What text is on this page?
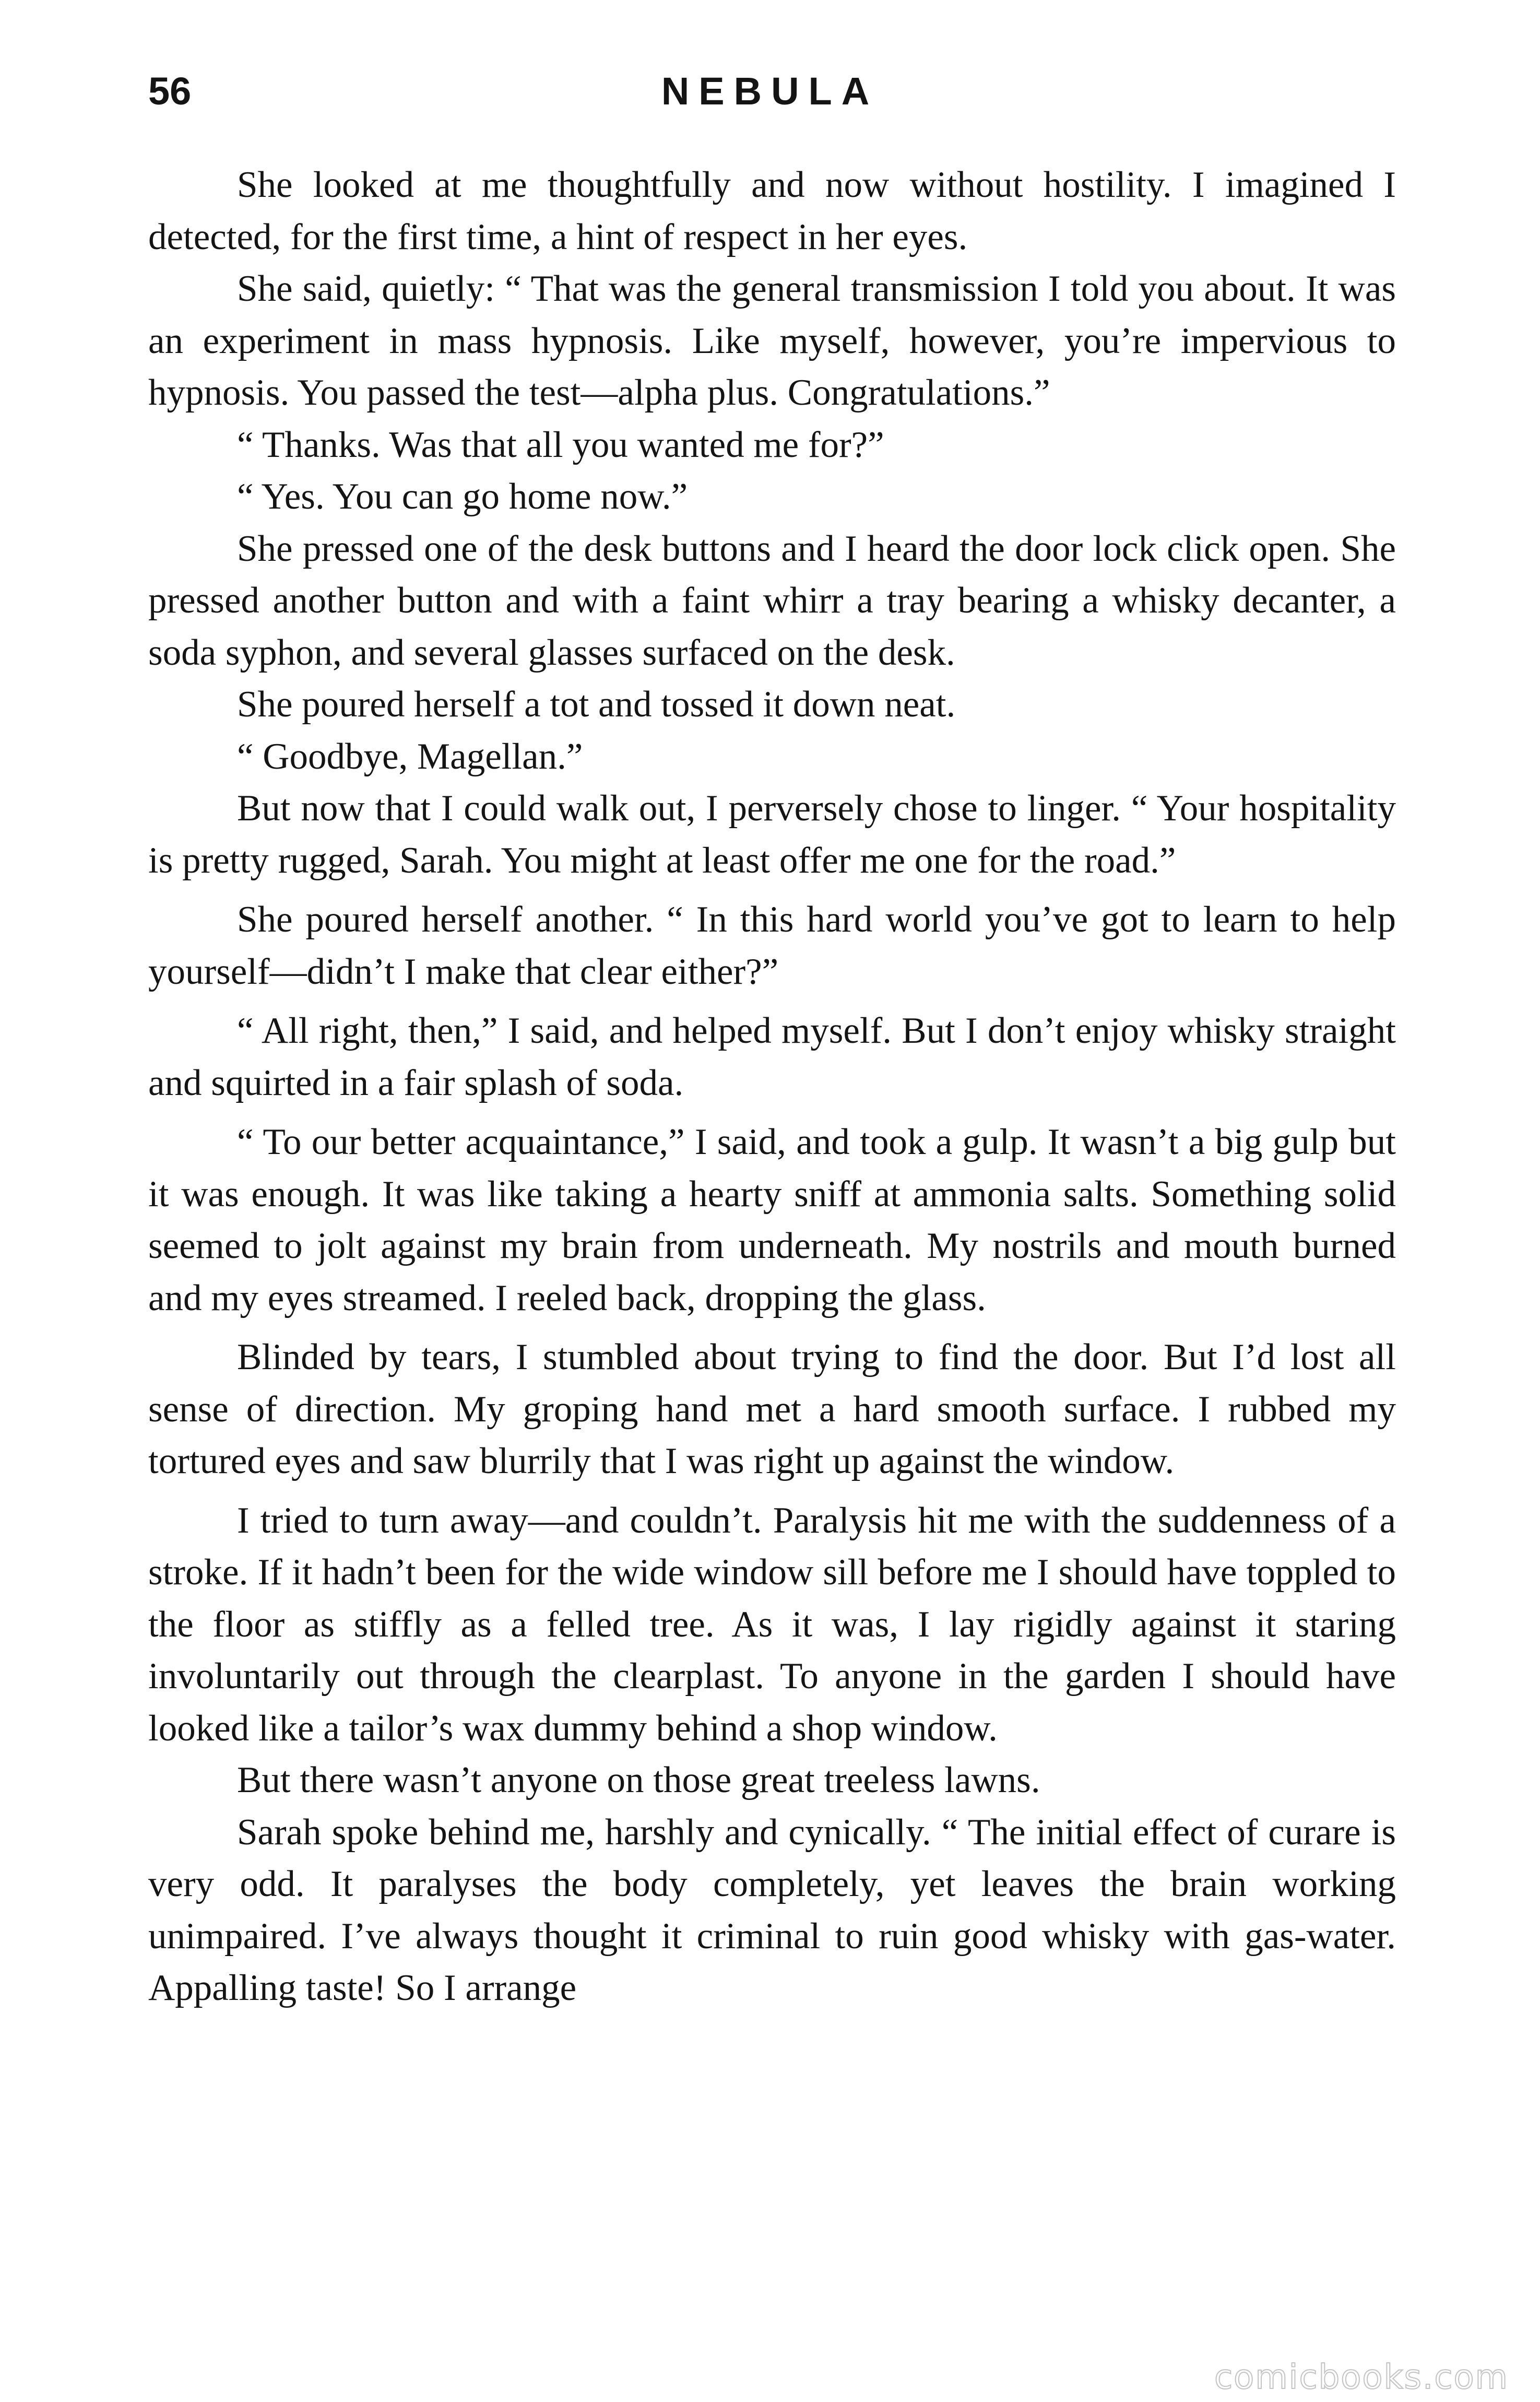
56	NEBULA

She looked at me thoughtfully and now without hostility. I imagined I detected, for the first time, a hint of respect in her eyes.

She said, quietly: “ That was the general transmission I told you about. It was an experiment in mass hypnosis. Like myself, however, you’re impervious to hypnosis. You passed the test—alpha plus. Congratulations.”

“ Thanks. Was that all you wanted me for?”

“ Yes. You can go home now.”

She pressed one of the desk buttons and I heard the door lock click open. She pressed another button and with a faint whirr a tray bearing a whisky decanter, a soda syphon, and several glasses surfaced on the desk.

She poured herself a tot and tossed it down neat.

“ Goodbye, Magellan.”

But now that I could walk out, I perversely chose to linger. “ Your hospitality is pretty rugged, Sarah. You might at least offer me one for the road.”

She poured herself another. “ In this hard world you’ve got to learn to help yourself—didn’t I make that clear either?”

“ All right, then,” I said, and helped myself. But I don’t enjoy whisky straight and squirted in a fair splash of soda.

“ To our better acquaintance,” I said, and took a gulp. It wasn’t a big gulp but it was enough. It was like taking a hearty sniff at ammonia salts. Something solid seemed to jolt against my brain from underneath. My nostrils and mouth burned and my eyes streamed. I reeled back, dropping the glass.

Blinded by tears, I stumbled about trying to find the door. But I’d lost all sense of direction. My groping hand met a hard smooth surface. I rubbed my tortured eyes and saw blurrily that I was right up against the window.

I tried to turn away—and couldn’t. Paralysis hit me with the suddenness of a stroke. If it hadn’t been for the wide window sill before me I should have toppled to the floor as stiffly as a felled tree. As it was, I lay rigidly against it staring involuntarily out through the clearplast. To anyone in the garden I should have looked like a tailor’s wax dummy behind a shop window.

But there wasn’t anyone on those great treeless lawns.

Sarah spoke behind me, harshly and cynically. “ The initial effect of curare is very odd. It paralyses the body completely, yet leaves the brain working unimpaired. I’ve always thought it criminal to ruin good whisky with gas-water. Appalling taste! So I arrange

comicbooks.com
